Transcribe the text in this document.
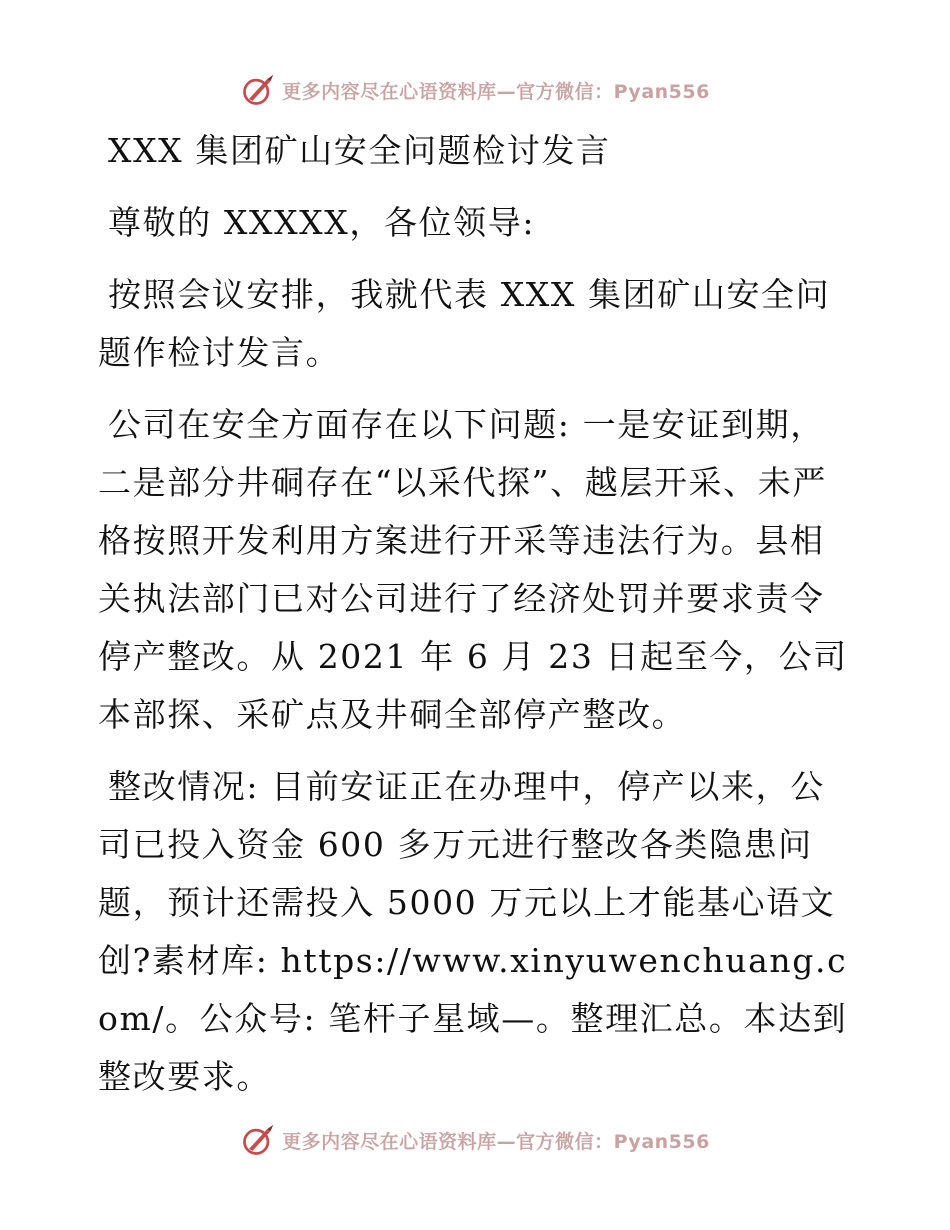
更多内容尽在心语资料库—官方微信：Pyan556

XXX 集团矿山安全问题检讨发言

尊敬的 XXXXX，各位领导:

按照会议安排，我就代表 XXX 集团矿山安全问题作检讨发言。

公司在安全方面存在以下问题: 一是安证到期，二是部分井硐存在“以采代探”、越层开采、未严格按照开发利用方案进行开采等违法行为。县相关执法部门已对公司进行了经济处罚并要求责令停产整改。从 2021 年 6 月 23 日起至今，公司本部探、采矿点及井硐全部停产整改。

整改情况: 目前安证正在办理中，停产以来，公司已投入资金 600 多万元进行整改各类隐患问题，预计还需投入 5000 万元以上才能基心语文创?素材库: https://www.xinyuwenchuang.com/。公众号: 笔杆子星域—。整理汇总。本达到整改要求。

更多内容尽在心语资料库—官方微信：Pyan556
